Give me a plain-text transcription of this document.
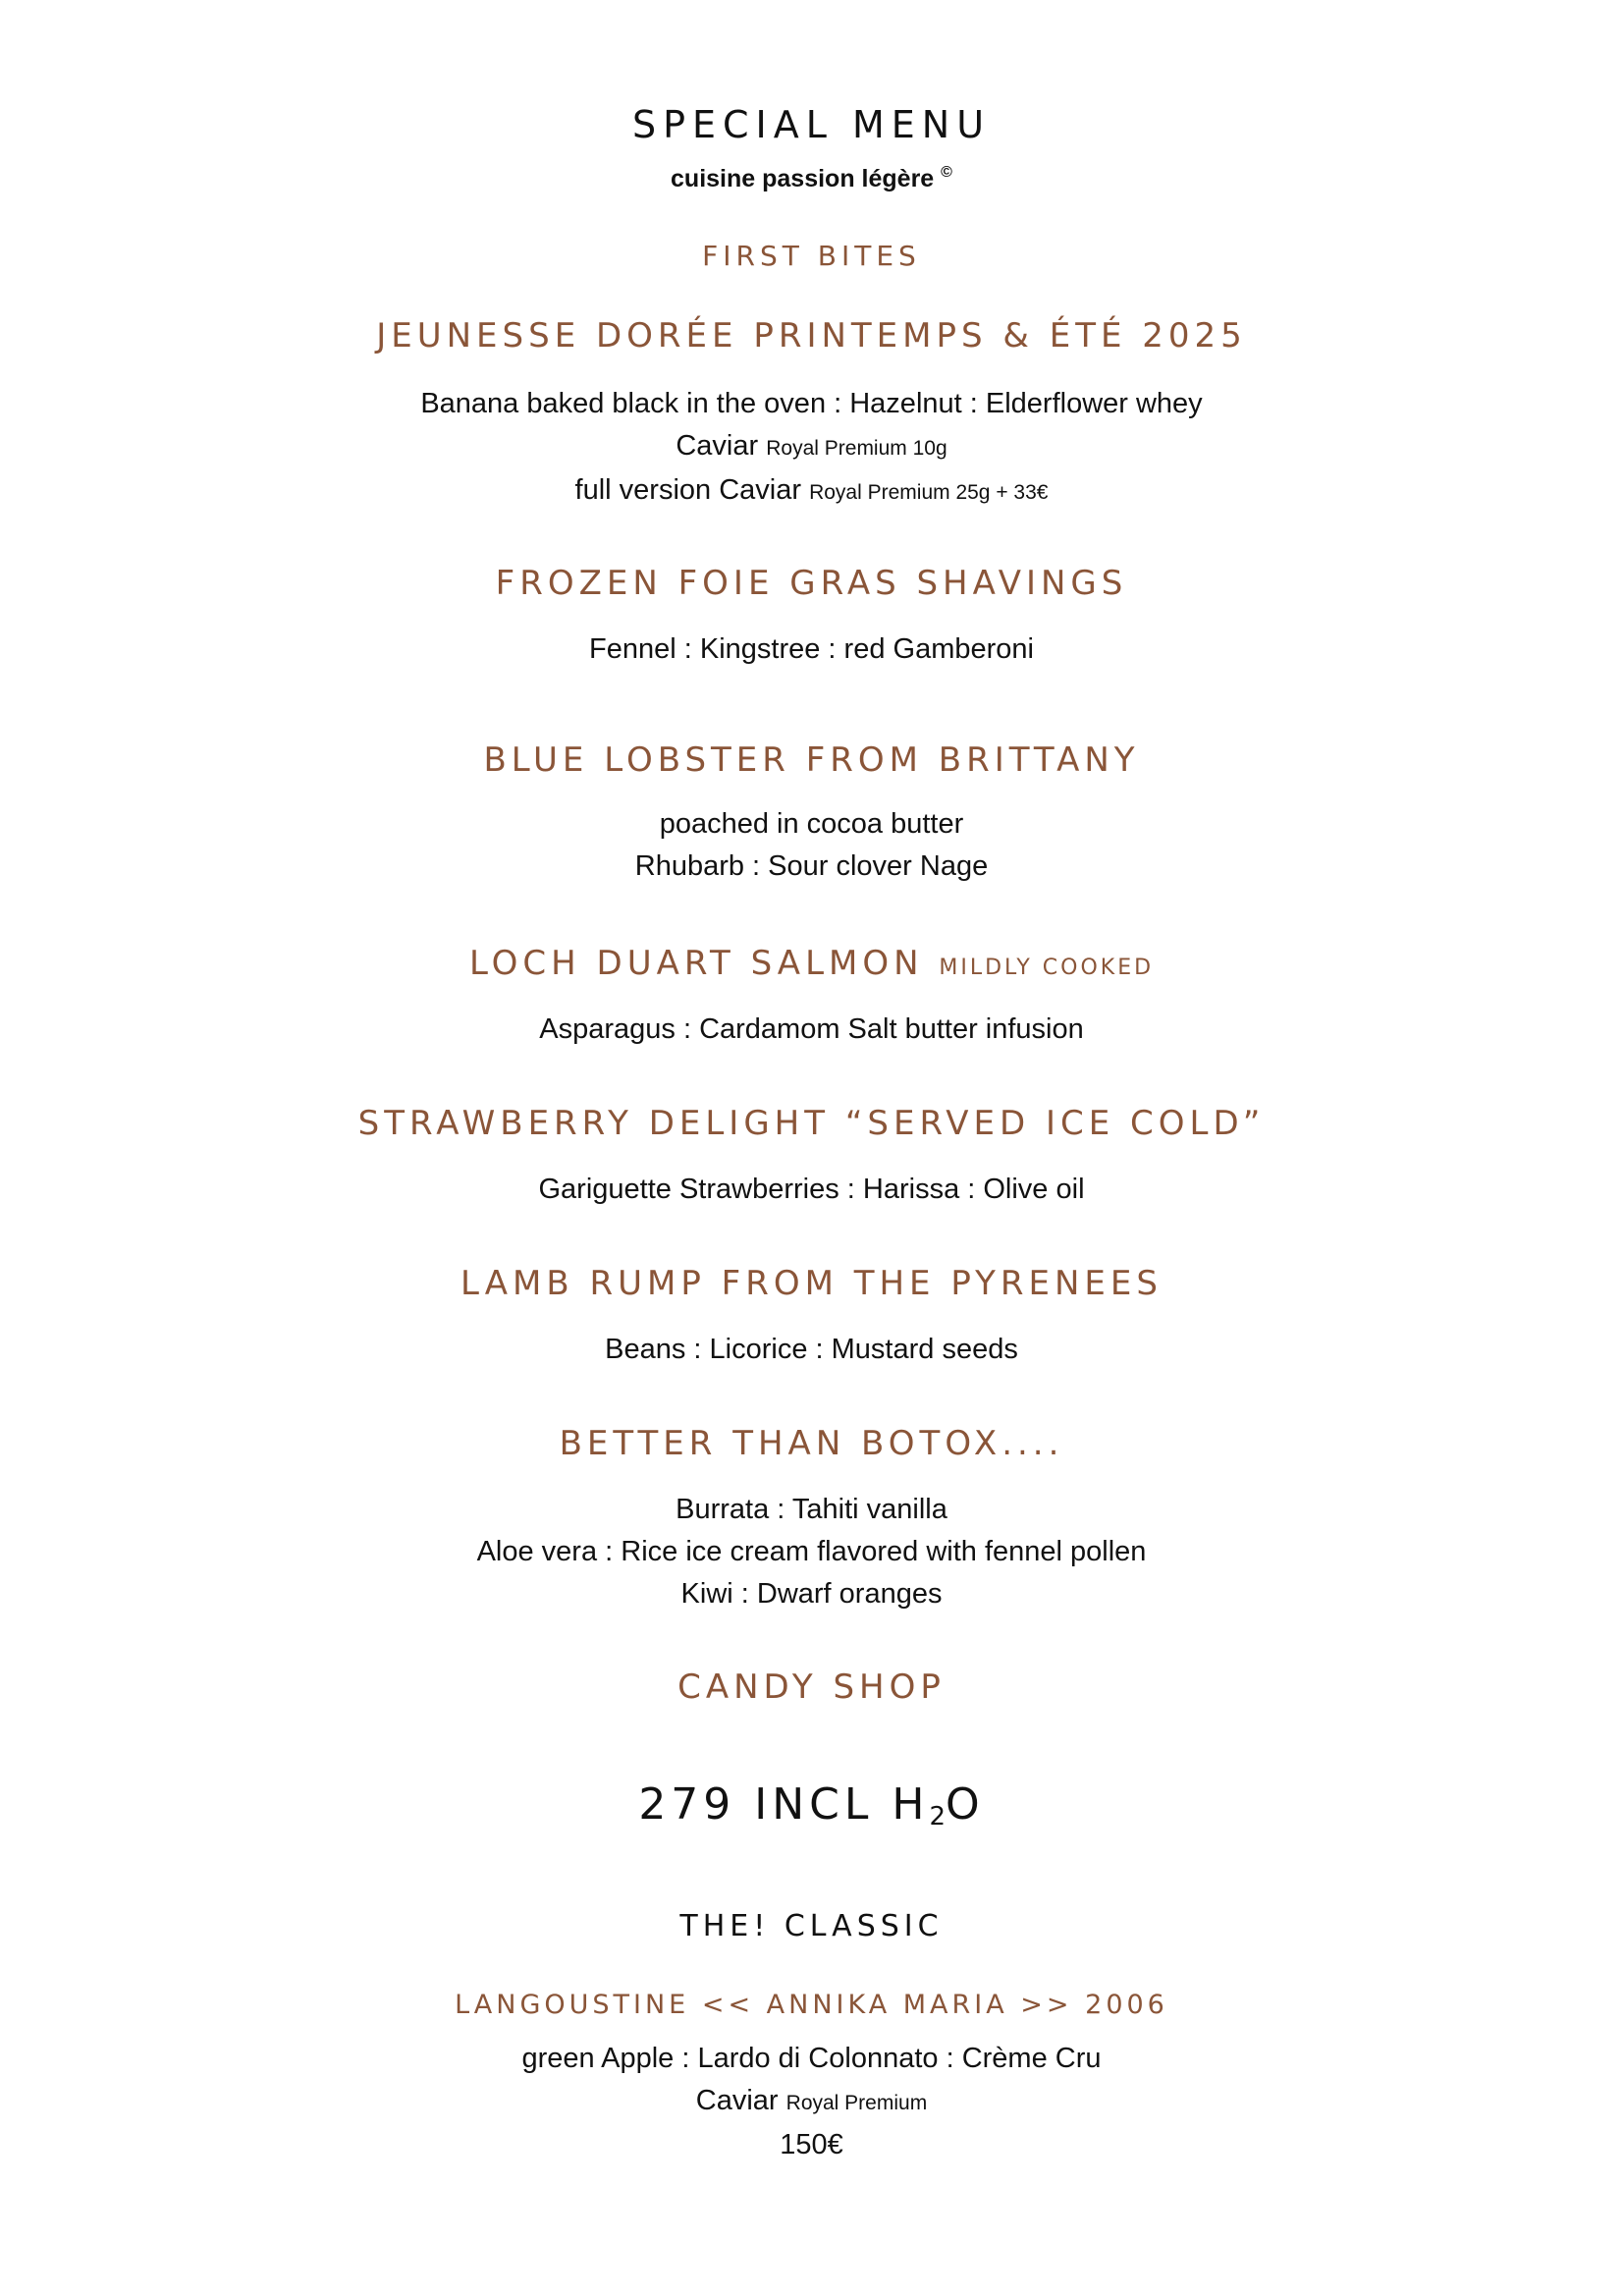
SPECIAL MENU
cuisine passion légère ©
FIRST BITES
JEUNESSE DORÉE PRINTEMPS & ÉTÉ 2025
Banana baked black in the oven : Hazelnut : Elderflower whey
Caviar Royal Premium 10g
full version Caviar Royal Premium 25g + 33€
FROZEN FOIE GRAS SHAVINGS
Fennel : Kingstree : red Gamberoni
BLUE LOBSTER FROM BRITTANY
poached in cocoa butter
Rhubarb : Sour clover Nage
LOCH DUART SALMON MILDLY COOKED
Asparagus : Cardamom Salt butter infusion
STRAWBERRY DELIGHT “SERVED ICE COLD”
Gariguette Strawberries : Harissa : Olive oil
LAMB RUMP FROM THE PYRENEES
Beans : Licorice : Mustard seeds
BETTER THAN BOTOX....
Burrata : Tahiti vanilla
Aloe vera : Rice ice cream flavored with fennel pollen
Kiwi : Dwarf oranges
CANDY SHOP
279 INCL $H_2O$
THE! CLASSIC
LANGOUSTINE << ANNIKA MARIA >> 2006
green Apple : Lardo di Colonnato : Crème Cru
Caviar Royal Premium
150€
